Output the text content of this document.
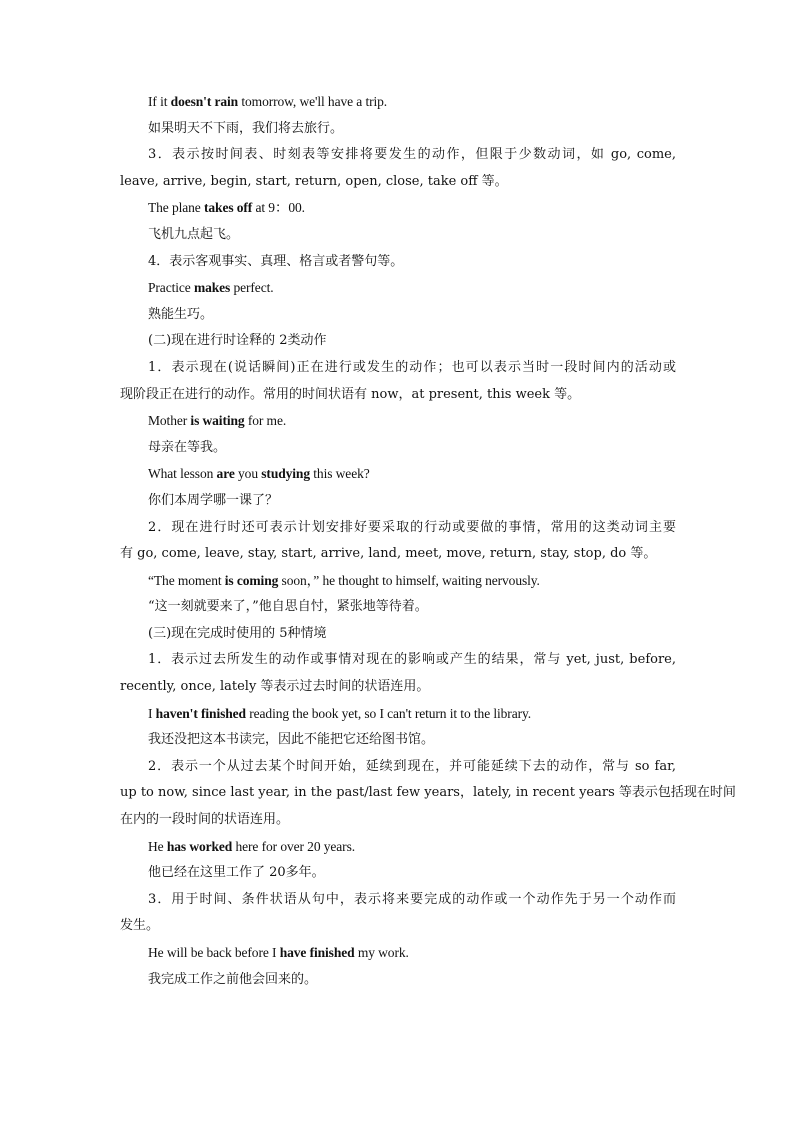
If it doesn't rain tomorrow, we'll have a trip.
如果明天不下雨，我们将去旅行。
3．表示按时间表、时刻表等安排将要发生的动作，但限于少数动词，如 go, come,
leave, arrive, begin, start, return, open, close, take off 等。
The plane takes off at 9：00.
飞机九点起飞。
4．表示客观事实、真理、格言或者警句等。
Practice makes perfect.
熟能生巧。
(二)现在进行时诠释的 2类动作
1．表示现在(说话瞬间)正在进行或发生的动作；也可以表示当时一段时间内的活动或
现阶段正在进行的动作。常用的时间状语有 now，at present, this week 等。
Mother is waiting for me.
母亲在等我。
What lesson are you studying this week?
你们本周学哪一课了？
2．现在进行时还可表示计划安排好要采取的行动或要做的事情，常用的这类动词主要
有 go, come, leave, stay, start, arrive, land, meet, move, return, stay, stop, do 等。
“The moment is coming soon，” he thought to himself, waiting nervously.
“这一刻就要来了，”他自思自忖，紧张地等待着。
(三)现在完成时使用的 5种情境
1．表示过去所发生的动作或事情对现在的影响或产生的结果，常与 yet, just, before,
recently, once, lately 等表示过去时间的状语连用。
I haven't finished reading the book yet, so I can't return it to the library.
我还没把这本书读完，因此不能把它还给图书馆。
2．表示一个从过去某个时间开始，延续到现在，并可能延续下去的动作，常与 so far,
up to now, since last year, in the past/last few years，lately, in recent years 等表示包括现在时间
在内的一段时间的状语连用。
He has worked here for over 20 years.
他已经在这里工作了 20多年。
3．用于时间、条件状语从句中，表示将来要完成的动作或一个动作先于另一个动作而
发生。
He will be back before I have finished my work.
我完成工作之前他会回来的。
